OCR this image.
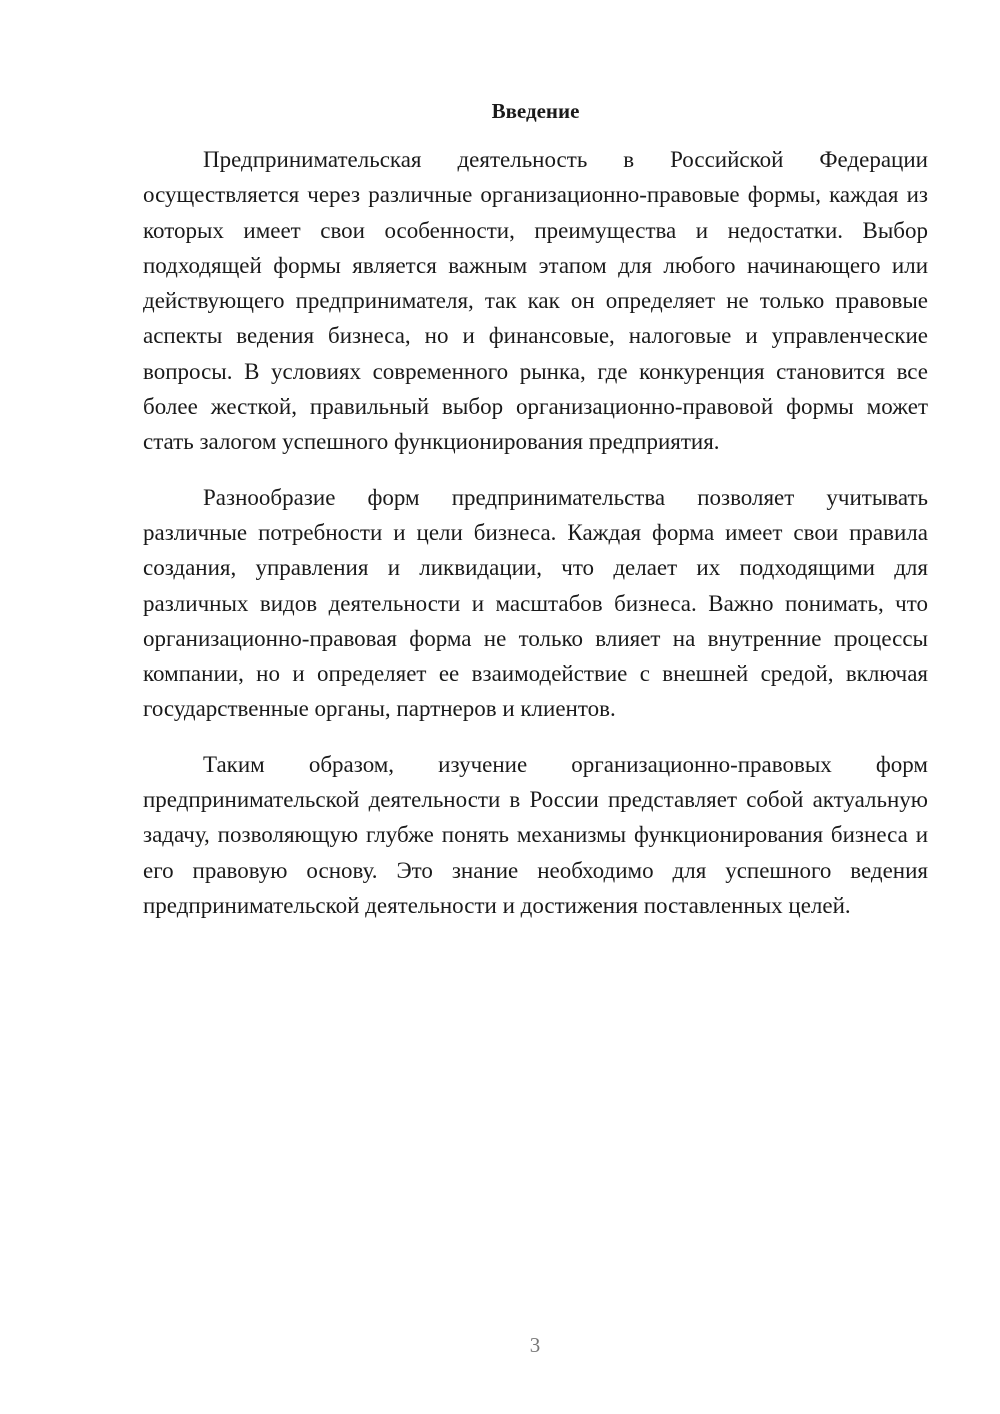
Введение

Предпринимательская деятельность в Российской Федерации осуществляется через различные организационно-правовые формы, каждая из которых имеет свои особенности, преимущества и недостатки. Выбор подходящей формы является важным этапом для любого начинающего или действующего предпринимателя, так как он определяет не только правовые аспекты ведения бизнеса, но и финансовые, налоговые и управленческие вопросы. В условиях современного рынка, где конкуренция становится все более жесткой, правильный выбор организационно-правовой формы может стать залогом успешного функционирования предприятия.

Разнообразие форм предпринимательства позволяет учитывать различные потребности и цели бизнеса. Каждая форма имеет свои правила создания, управления и ликвидации, что делает их подходящими для различных видов деятельности и масштабов бизнеса. Важно понимать, что организационно-правовая форма не только влияет на внутренние процессы компании, но и определяет ее взаимодействие с внешней средой, включая государственные органы, партнеров и клиентов.

Таким образом, изучение организационно-правовых форм предпринимательской деятельности в России представляет собой актуальную задачу, позволяющую глубже понять механизмы функционирования бизнеса и его правовую основу. Это знание необходимо для успешного ведения предпринимательской деятельности и достижения поставленных целей.

3
